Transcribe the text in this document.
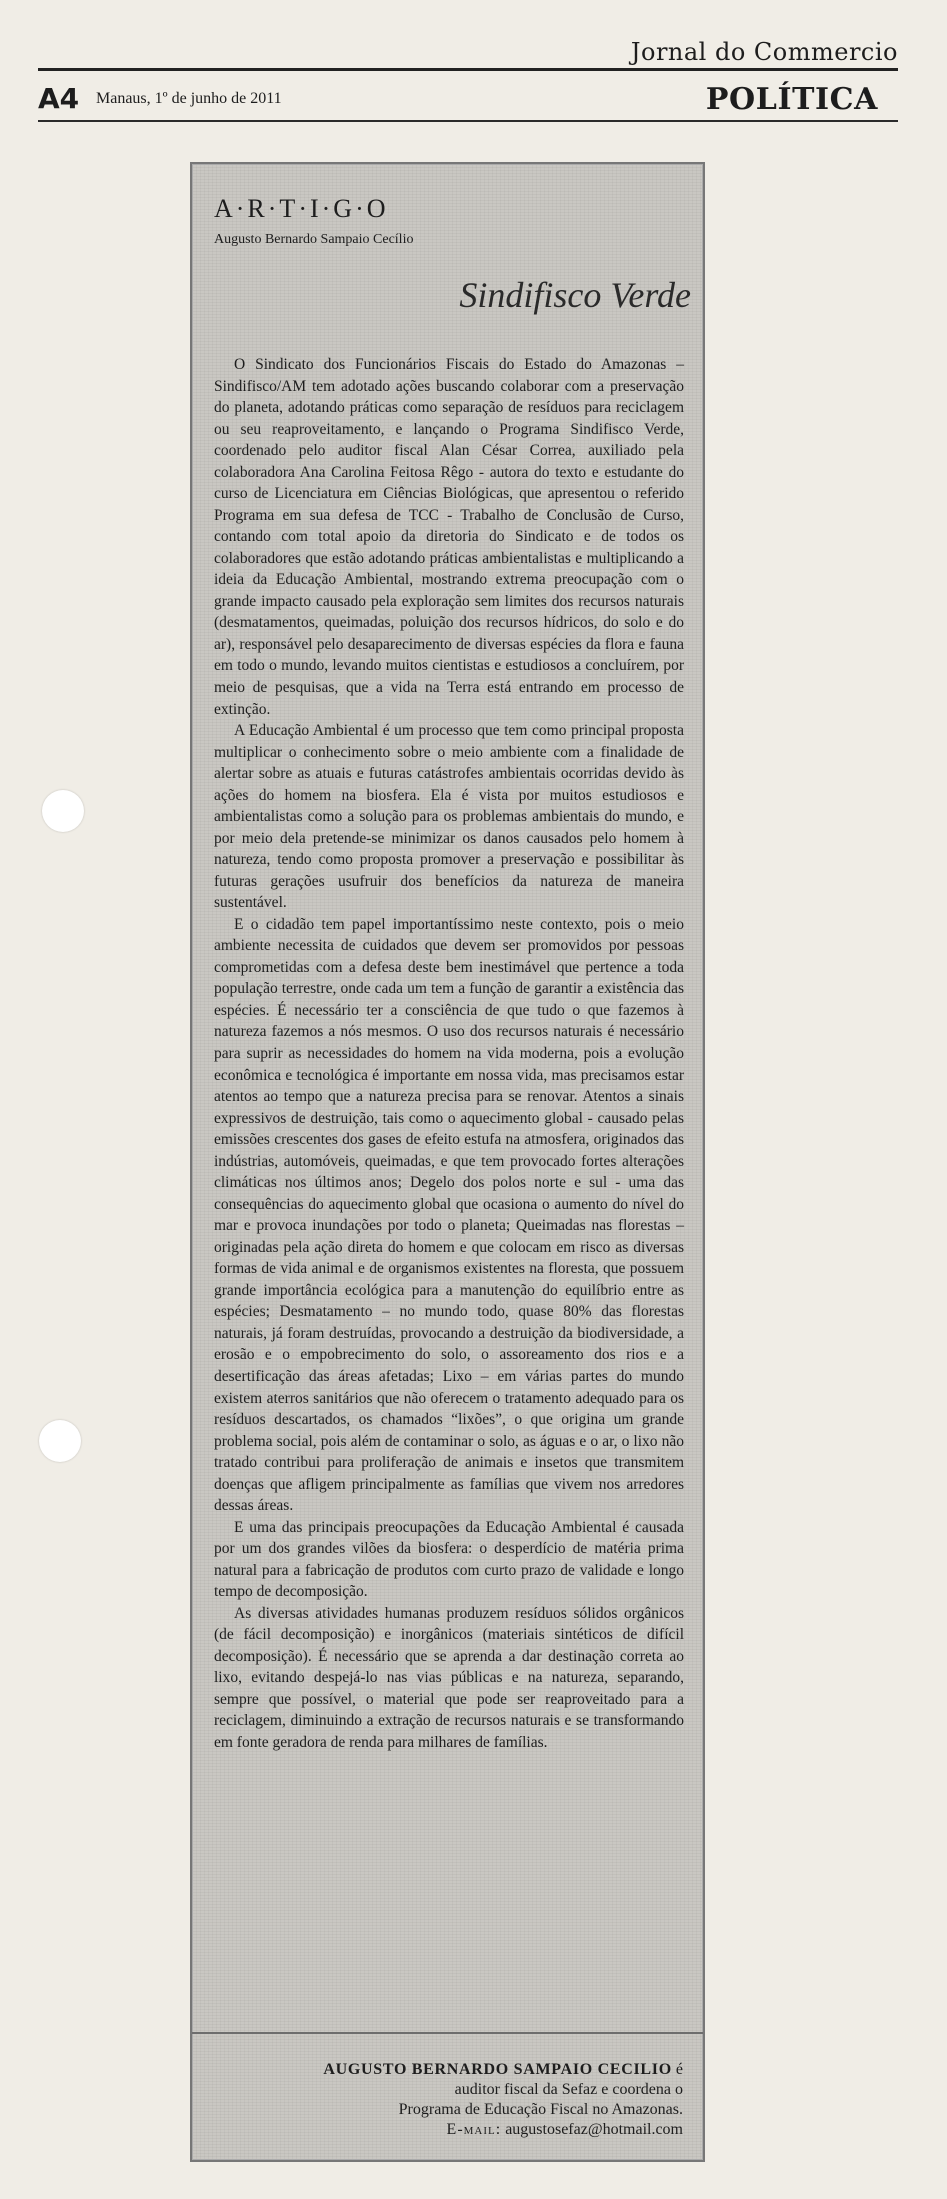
Jornal do Commercio
A4 Manaus, 1º de junho de 2011	POLÍTICA
A·R·T·I·G·O
Augusto Bernardo Sampaio Cecílio
Sindifisco Verde

O Sindicato dos Funcionários Fiscais do Estado do Amazonas – Sindifisco/AM tem adotado ações buscando colaborar com a preservação do planeta, adotando práticas como separação de resíduos para reciclagem ou seu reaproveitamento, e lançando o Programa Sindifisco Verde, coordenado pelo auditor fiscal Alan César Correa, auxiliado pela colaboradora Ana Carolina Feitosa Rêgo - autora do texto e estudante do curso de Licenciatura em Ciências Biológicas, que apresentou o referido Programa em sua defesa de TCC - Trabalho de Conclusão de Curso, contando com total apoio da diretoria do Sindicato e de todos os colaboradores que estão adotando práticas ambientalistas e multiplicando a ideia da Educação Ambiental, mostrando extrema preocupação com o grande impacto causado pela exploração sem limites dos recursos naturais (desmatamentos, queimadas, poluição dos recursos hídricos, do solo e do ar), responsável pelo desaparecimento de diversas espécies da flora e fauna em todo o mundo, levando muitos cientistas e estudiosos a concluírem, por meio de pesquisas, que a vida na Terra está entrando em processo de extinção.

A Educação Ambiental é um processo que tem como principal proposta multiplicar o conhecimento sobre o meio ambiente com a finalidade de alertar sobre as atuais e futuras catástrofes ambientais ocorridas devido às ações do homem na biosfera. Ela é vista por muitos estudiosos e ambientalistas como a solução para os problemas ambientais do mundo, e por meio dela pretende-se minimizar os danos causados pelo homem à natureza, tendo como proposta promover a preservação e possibilitar às futuras gerações usufruir dos benefícios da natureza de maneira sustentável.

E o cidadão tem papel importantíssimo neste contexto, pois o meio ambiente necessita de cuidados que devem ser promovidos por pessoas comprometidas com a defesa deste bem inestimável que pertence a toda população terrestre, onde cada um tem a função de garantir a existência das espécies. É necessário ter a consciência de que tudo o que fazemos à natureza fazemos a nós mesmos. O uso dos recursos naturais é necessário para suprir as necessidades do homem na vida moderna, pois a evolução econômica e tecnológica é importante em nossa vida, mas precisamos estar atentos ao tempo que a natureza precisa para se renovar. Atentos a sinais expressivos de destruição, tais como o aquecimento global - causado pelas emissões crescentes dos gases de efeito estufa na atmosfera, originados das indústrias, automóveis, queimadas, e que tem provocado fortes alterações climáticas nos últimos anos; Degelo dos polos norte e sul - uma das consequências do aquecimento global que ocasiona o aumento do nível do mar e provoca inundações por todo o planeta; Queimadas nas florestas – originadas pela ação direta do homem e que colocam em risco as diversas formas de vida animal e de organismos existentes na floresta, que possuem grande importância ecológica para a manutenção do equilíbrio entre as espécies; Desmatamento – no mundo todo, quase 80% das florestas naturais, já foram destruídas, provocando a destruição da biodiversidade, a erosão e o empobrecimento do solo, o assoreamento dos rios e a desertificação das áreas afetadas; Lixo – em várias partes do mundo existem aterros sanitários que não oferecem o tratamento adequado para os resíduos descartados, os chamados “lixões”, o que origina um grande problema social, pois além de contaminar o solo, as águas e o ar, o lixo não tratado contribui para proliferação de animais e insetos que transmitem doenças que afligem principalmente as famílias que vivem nos arredores dessas áreas.

E uma das principais preocupações da Educação Ambiental é causada por um dos grandes vilões da biosfera: o desperdício de matéria prima natural para a fabricação de produtos com curto prazo de validade e longo tempo de decomposição.

As diversas atividades humanas produzem resíduos sólidos orgânicos (de fácil decomposição) e inorgânicos (materiais sintéticos de difícil decomposição). É necessário que se aprenda a dar destinação correta ao lixo, evitando despejá-lo nas vias públicas e na natureza, separando, sempre que possível, o material que pode ser reaproveitado para a reciclagem, diminuindo a extração de recursos naturais e se transformando em fonte geradora de renda para milhares de famílias.

AUGUSTO BERNARDO SAMPAIO CECILIO é
auditor fiscal da Sefaz e coordena o
Programa de Educação Fiscal no Amazonas.
E-mail: augustosefaz@hotmail.com
